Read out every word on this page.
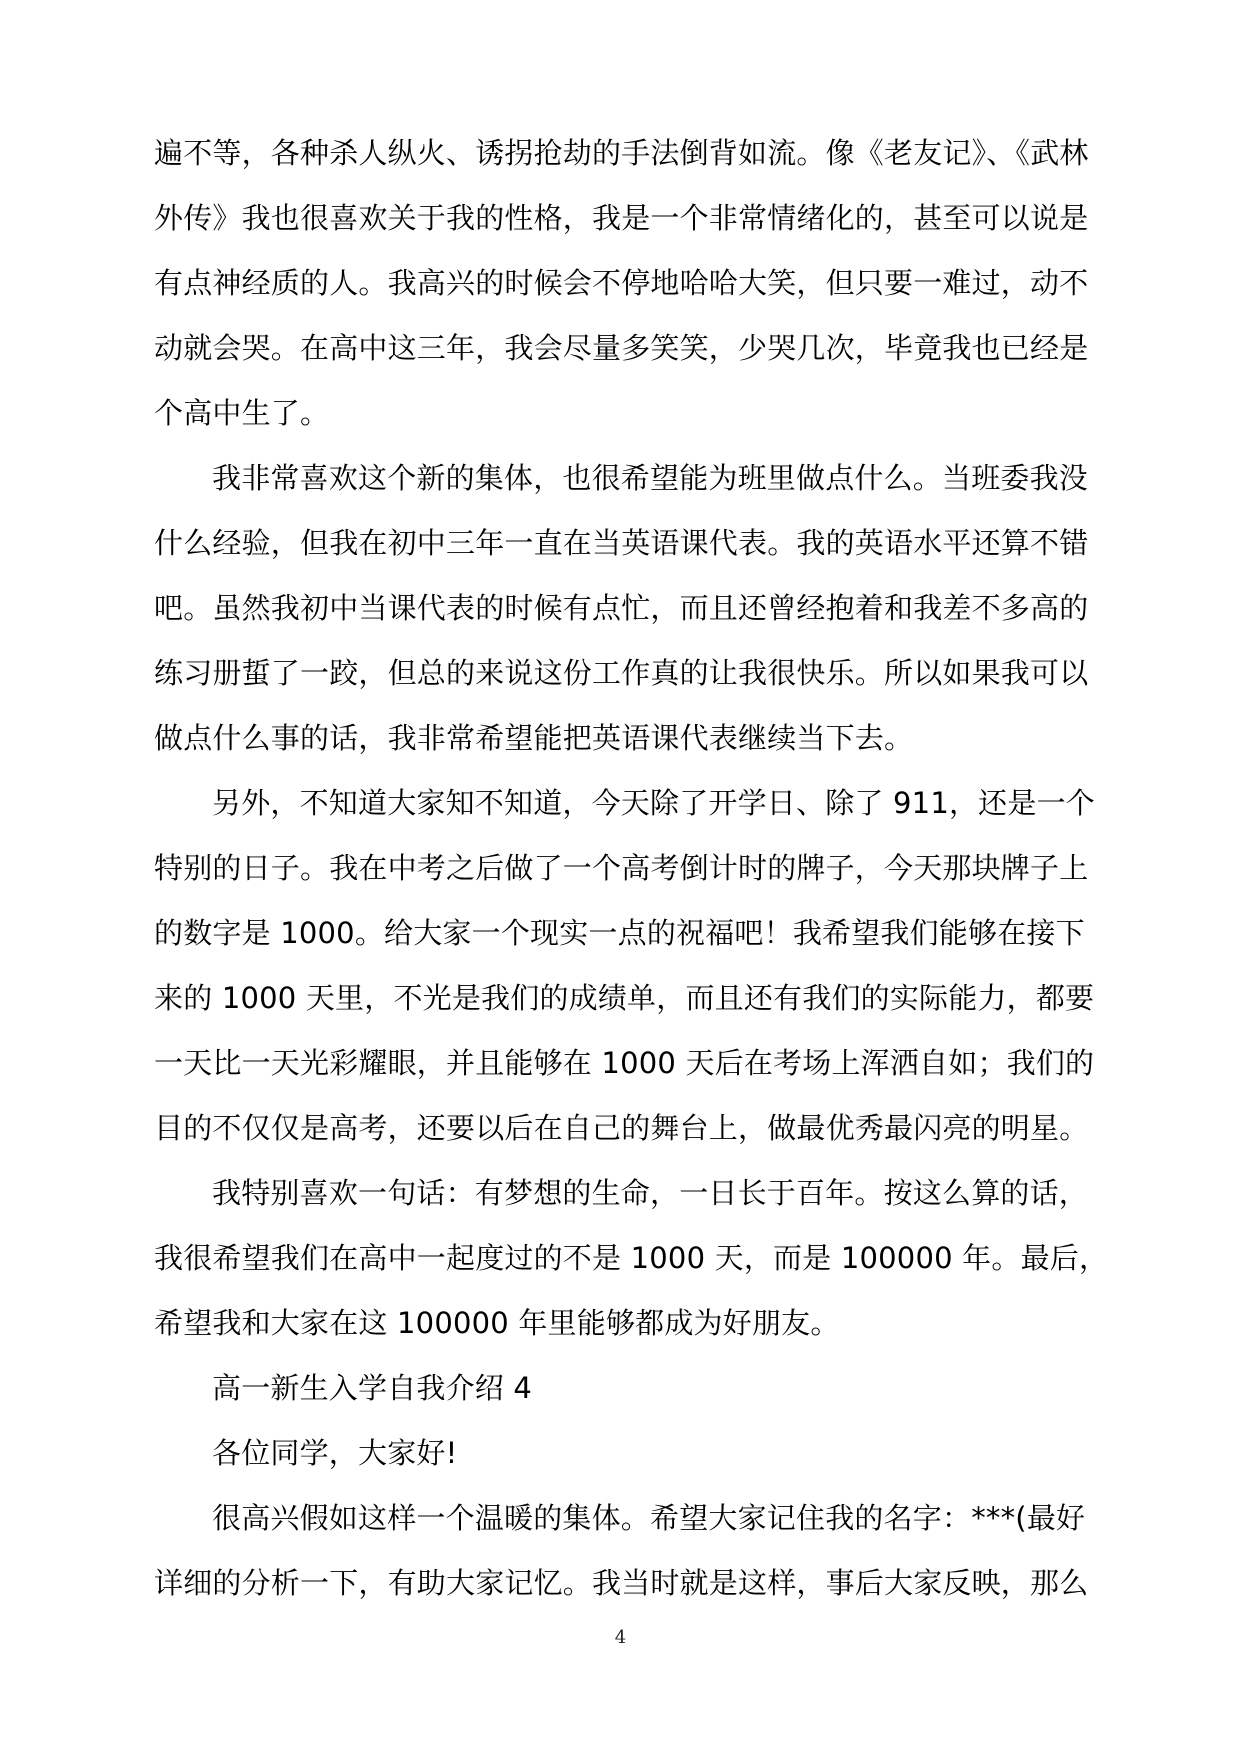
遍不等，各种杀人纵火、诱拐抢劫的手法倒背如流。像《老友记》、《武林
外传》我也很喜欢关于我的性格，我是一个非常情绪化的，甚至可以说是
有点神经质的人。我高兴的时候会不停地哈哈大笑，但只要一难过，动不
动就会哭。在高中这三年，我会尽量多笑笑，少哭几次，毕竟我也已经是
个高中生了。
我非常喜欢这个新的集体，也很希望能为班里做点什么。当班委我没
什么经验，但我在初中三年一直在当英语课代表。我的英语水平还算不错
吧。虽然我初中当课代表的时候有点忙，而且还曾经抱着和我差不多高的
练习册蜇了一跤，但总的来说这份工作真的让我很快乐。所以如果我可以
做点什么事的话，我非常希望能把英语课代表继续当下去。
另外，不知道大家知不知道，今天除了开学日、除了 911，还是一个
特别的日子。我在中考之后做了一个高考倒计时的牌子，今天那块牌子上
的数字是 1000。给大家一个现实一点的祝福吧！我希望我们能够在接下
来的 1000 天里，不光是我们的成绩单，而且还有我们的实际能力，都要
一天比一天光彩耀眼，并且能够在 1000 天后在考场上浑洒自如；我们的
目的不仅仅是高考，还要以后在自己的舞台上，做最优秀最闪亮的明星。
我特别喜欢一句话：有梦想的生命，一日长于百年。按这么算的话，
我很希望我们在高中一起度过的不是 1000 天，而是 100000 年。最后，
希望我和大家在这 100000 年里能够都成为好朋友。
高一新生入学自我介绍 4
各位同学，大家好!
很高兴假如这样一个温暖的集体。希望大家记住我的名字：***(最好
详细的分析一下，有助大家记忆。我当时就是这样，事后大家反映，那么
4
